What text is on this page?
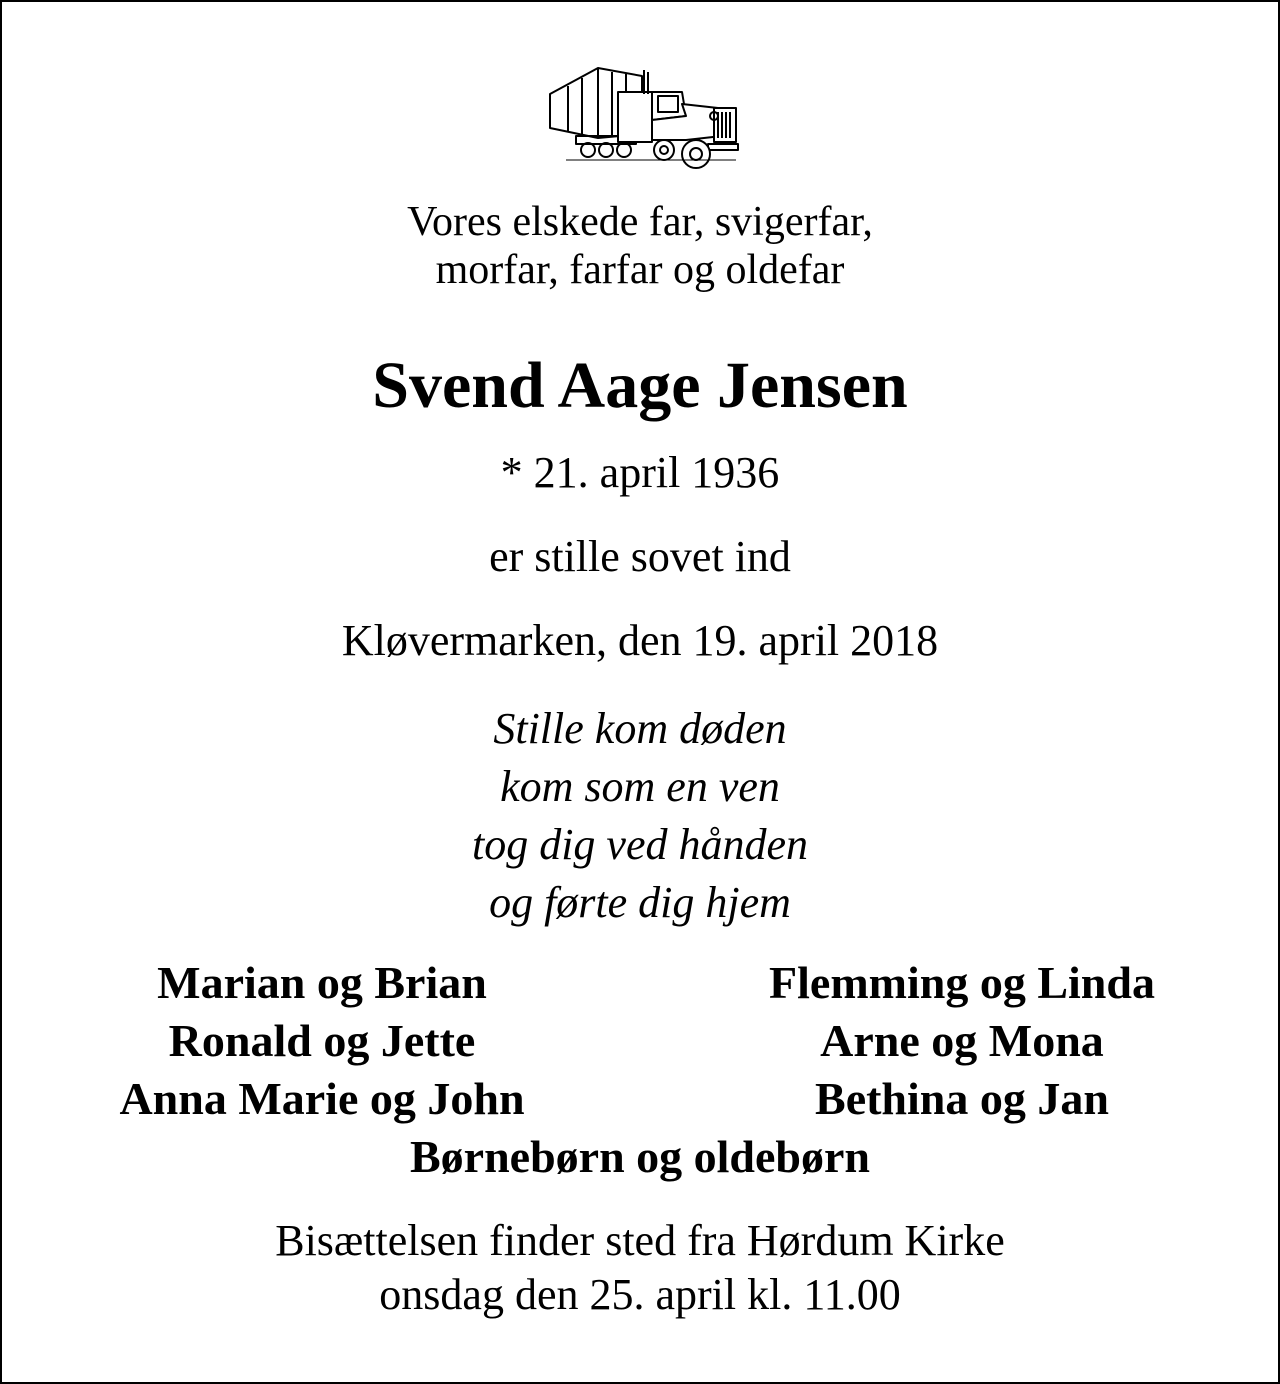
Vores elskede far, svigerfar,
morfar, farfar og oldefar
Svend Aage Jensen
* 21. april 1936
er stille sovet ind
Kløvermarken, den 19. april 2018
Stille kom døden
kom som en ven
tog dig ved hånden
og førte dig hjem
Marian og Brian
Ronald og Jette
Anna Marie og John
Flemming og Linda
Arne og Mona
Bethina og Jan
Børnebørn og oldebørn
Bisættelsen finder sted fra Hørdum Kirke
onsdag den 25. april kl. 11.00
